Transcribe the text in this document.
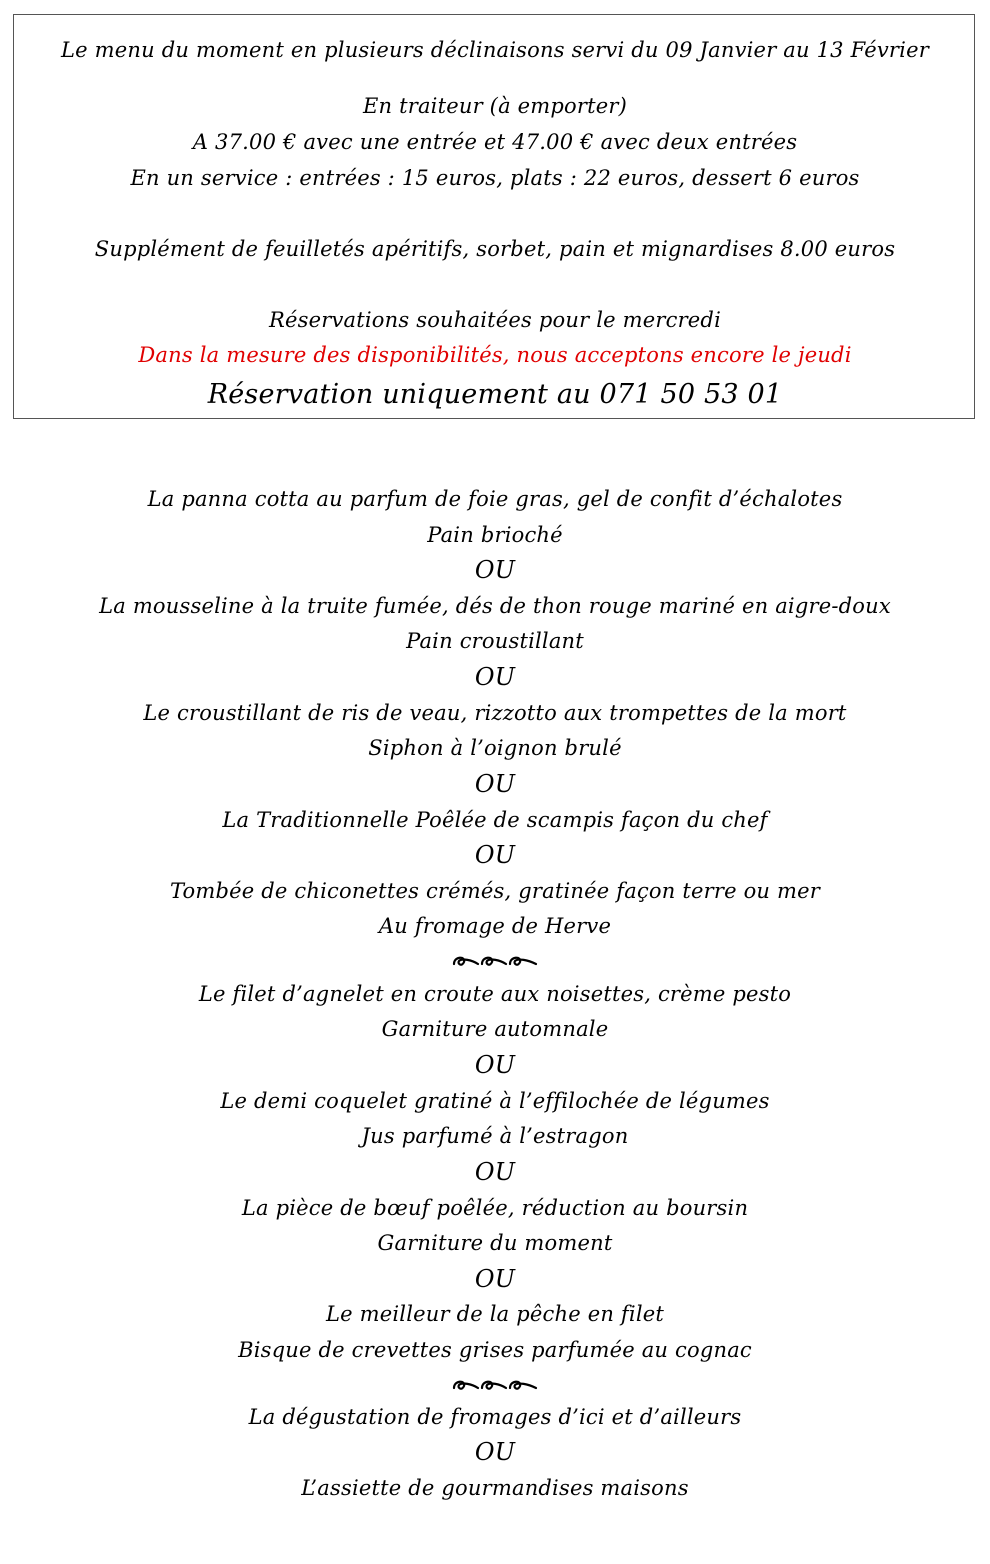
Le menu du moment en plusieurs déclinaisons servi du 09 Janvier au 13 Février
En traiteur (à emporter)
A 37.00 € avec une entrée et 47.00 € avec deux entrées
En un service : entrées : 15 euros, plats : 22 euros, dessert 6 euros
Supplément de feuilletés apéritifs, sorbet, pain et mignardises 8.00 euros
Réservations souhaitées pour le mercredi
Dans la mesure des disponibilités, nous acceptons encore le jeudi
Réservation uniquement au 071 50 53 01
La panna cotta au parfum de foie gras, gel de confit d’échalotes
Pain brioché
OU
La mousseline à la truite fumée, dés de thon rouge mariné en aigre-doux
Pain croustillant
OU
Le croustillant de ris de veau, rizzotto aux trompettes de la mort
Siphon à l’oignon brulé
OU
La Traditionnelle Poêlée de scampis façon du chef
OU
Tombée de chiconettes crémés, gratinée façon terre ou mer
Au fromage de Herve
Le filet d’agnelet en croute aux noisettes, crème pesto
Garniture automnale
OU
Le demi coquelet gratiné à l’effilochée de légumes
Jus parfumé à l’estragon
OU
La pièce de bœuf poêlée, réduction au boursin
Garniture du moment
OU
Le meilleur de la pêche en filet
Bisque de crevettes grises parfumée au cognac
La dégustation de fromages d’ici et d’ailleurs
OU
L’assiette de gourmandises maisons
